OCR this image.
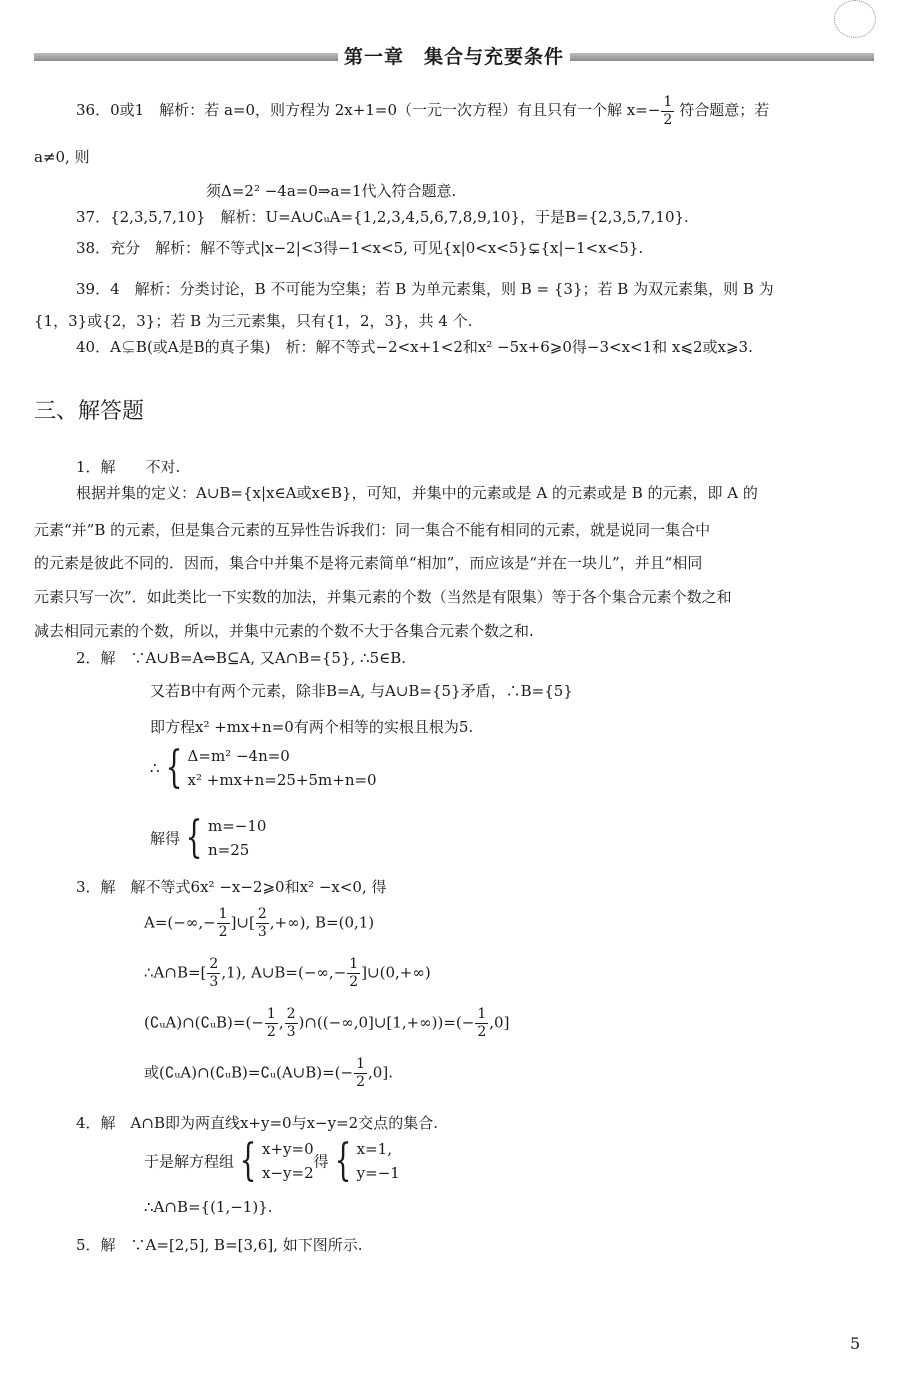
第一章　集合与充要条件
36．0或1　解析：若 a=0，则方程为 2x+1=0（一元一次方程）有且只有一个解 $x=- \frac{1}{2}$ 符合题意；若
a≠0, 则
须Δ=2² −4a=0⇒a=1代入符合题意.
37．{2,3,5,7,10}　解析：U=A∪∁ᵤA={1,2,3,4,5,6,7,8,9,10}，于是B={2,3,5,7,10}.
38．充分　解析：解不等式|x−2|<3得−1<x<5, 可见{x|0<x<5}⊊{x|−1<x<5}.
39．4　解析：分类讨论，B 不可能为空集；若 B 为单元素集，则 B = {3}；若 B 为双元素集，则 B 为
{1，3}或{2，3}；若 B 为三元素集，只有{1，2，3}，共 4 个.
40．A⊊B(或A是B的真子集)　析：解不等式−2<x+1<2和x² −5x+6⩾0得−3<x<1和 x⩽2或x⩾3.
三、解答题
1．解　　不对.
根据并集的定义：A∪B={x|x∈A或x∈B}，可知，并集中的元素或是 A 的元素或是 B 的元素，即 A 的
元素“并”B 的元素，但是集合元素的互异性告诉我们：同一集合不能有相同的元素，就是说同一集合中
的元素是彼此不同的．因而，集合中并集不是将元素简单“相加”，而应该是“并在一块儿”，并且“相同
元素只写一次”．如此类比一下实数的加法，并集元素的个数（当然是有限集）等于各个集合元素个数之和
减去相同元素的个数，所以，并集中元素的个数不大于各集合元素个数之和.
2．解　∵A∪B=A⇔B⊆A, 又A∩B={5}, ∴5∈B.
又若B中有两个元素，除非B=A, 与A∪B={5}矛盾，∴B={5}
即方程x² +mx+n=0有两个相等的实根且根为5.
∴ { Δ=m² −4n=0
x² +mx+n=25+5m+n=0
解得 { m=−10
n=25
3．解　解不等式6x² −x−2⩾0和x² −x<0, 得
$A=(-\infty,- \frac{1}{2}$ ]∪[ $\frac{2}{3}$ ,+∞), B=(0,1)
∴A∩B=[ $\frac{2}{3} ,1$), A∪B=(−∞,− $\frac{1}{2}$ ]∪(0,+∞)
(∁ᵤA)∩(∁ᵤB)=(− $\frac{1}{2}$ , $\frac{2}{3}$ )∩((−∞,0]∪[1,+∞))=(− $\frac{1}{2} ,0$]
或(∁ᵤA)∩(∁ᵤB)=∁ᵤ(A∪B)=(− $\frac{1}{2} ,0$].
4．解　A∩B即为两直线x+y=0与x−y=2交点的集合.
于是解方程组 { x+y=0
x−y=2
得 { x=1,
y=−1
∴A∩B={(1,−1)}.
5．解　∵A=[2,5], B=[3,6], 如下图所示.
5
